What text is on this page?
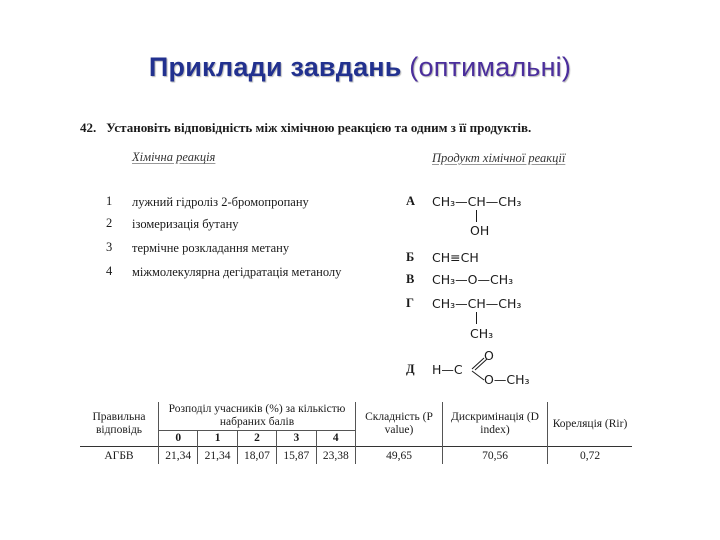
Приклади завдань (оптимальні)
42. Установіть відповідність між хімічною реакцією та одним з її продуктів.
Хімічна реакція	Продукт хімічної реакції
1 лужний гідроліз 2-бромопропану
2 ізомеризація бутану
3 термічне розкладання метану
4 міжмолекулярна дегідратація метанолу
А CH₃—CH—CH₃
OH
Б CH≡CH
В CH₃—O—CH₃
Г CH₃—CH—CH₃
CH₃
Д H—C
O
O—CH₃
Правильна відповідь	Розподіл учасників (%) за кількістю набраних балів					Складність (P value)	Дискримінація (D index)	Кореляція (Rir)
	0	1	2	3	4			
АГБВ	21,34	21,34	18,07	15,87	23,38	49,65	70,56	0,72
